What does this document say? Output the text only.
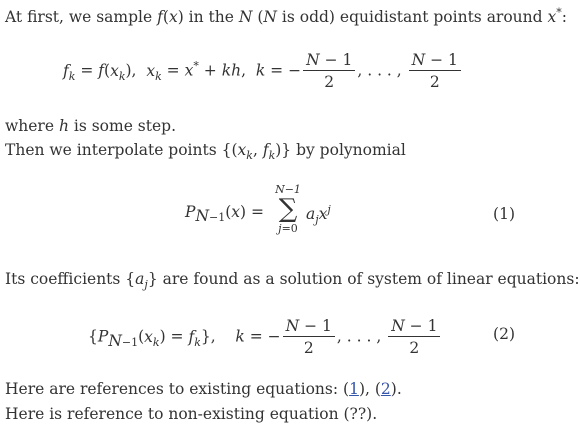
At first, we sample f(x) in the N (N is odd) equidistant points around x*:
$f_k = f(x_k)$,  $x_k = x^*$ + kh,  k = − $\frac{N - 1}{2}$ , . . . , $\frac{N - 1}{2}$
where h is some step.
Then we interpolate points {($x_k$, $f_k$)} by polynomial
$P_{N-1}(x)$ =
N−1
∑
j=0
$a_jx^j$	(1)
Its coefficients $\{a_j\}$ are found as a solution of system of linear equations:
$\{P_{N-1}(x_k) = f_k\}$,    k = − $\frac{N - 1}{2}$ , . . . , $\frac{N - 1}{2}$	(2)
Here are references to existing equations: (1), (2).
Here is reference to non-existing equation (??).
